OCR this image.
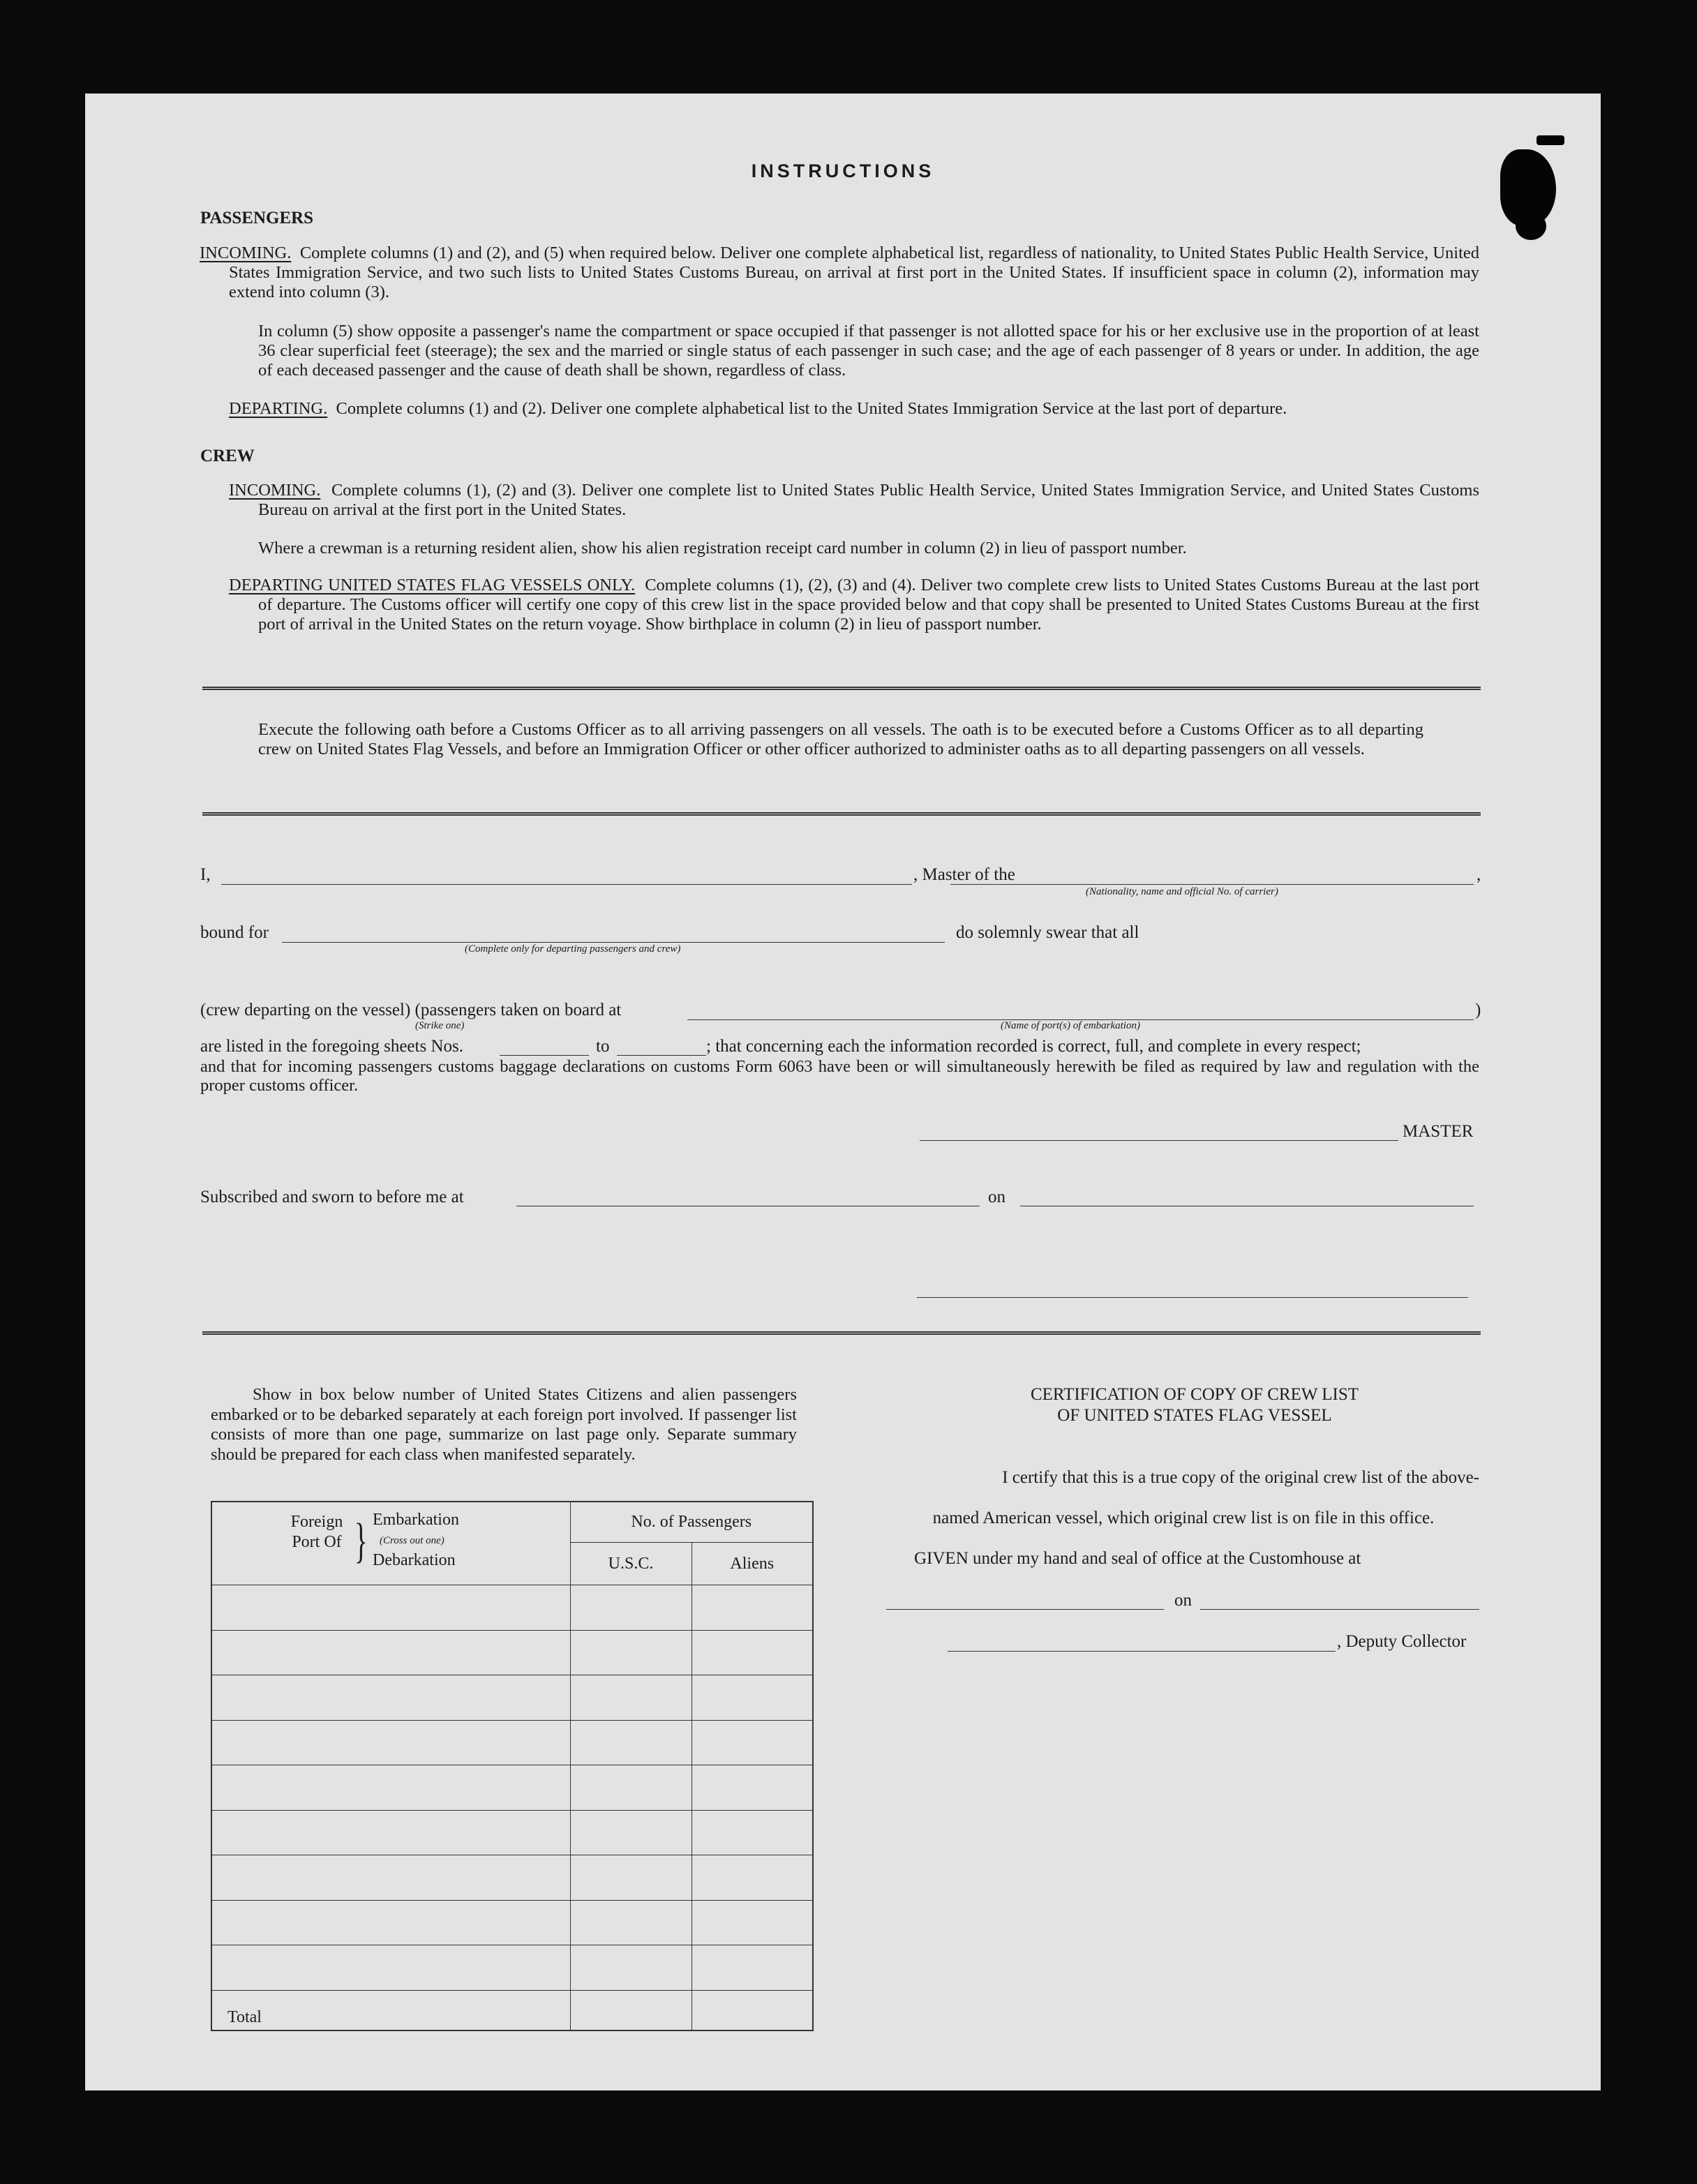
INSTRUCTIONS
PASSENGERS
INCOMING. Complete columns (1) and (2), and (5) when required below. Deliver one complete alphabetical list, regardless of nationality, to United States Public Health Service, United States Immigration Service, and two such lists to United States Customs Bureau, on arrival at first port in the United States. If insufficient space in column (2), information may extend into column (3).
In column (5) show opposite a passenger's name the compartment or space occupied if that passenger is not allotted space for his or her exclusive use in the proportion of at least 36 clear superficial feet (steerage); the sex and the married or single status of each passenger in such case; and the age of each passenger of 8 years or under. In addition, the age of each deceased passenger and the cause of death shall be shown, regardless of class.
DEPARTING. Complete columns (1) and (2). Deliver one complete alphabetical list to the United States Immigration Service at the last port of departure.
CREW
INCOMING. Complete columns (1), (2) and (3). Deliver one complete list to United States Public Health Service, United States Immigration Service, and United States Customs Bureau on arrival at the first port in the United States.
Where a crewman is a returning resident alien, show his alien registration receipt card number in column (2) in lieu of passport number.
DEPARTING UNITED STATES FLAG VESSELS ONLY. Complete columns (1), (2), (3) and (4). Deliver two complete crew lists to United States Customs Bureau at the last port of departure. The Customs officer will certify one copy of this crew list in the space provided below and that copy shall be presented to United States Customs Bureau at the first port of arrival in the United States on the return voyage. Show birthplace in column (2) in lieu of passport number.
Execute the following oath before a Customs Officer as to all arriving passengers on all vessels. The oath is to be executed before a Customs Officer as to all departing crew on United States Flag Vessels, and before an Immigration Officer or other officer authorized to administer oaths as to all departing passengers on all vessels.
I,	, Master of the	,
(Nationality, name and official No. of carrier)
bound for
(Complete only for departing passengers and crew)
do solemnly swear that all
(crew departing on the vessel) (passengers taken on board at	)
(Strike one)	(Name of port(s) of embarkation)
are listed in the foregoing sheets Nos.	to	; that concerning each the information recorded is correct, full, and complete in every respect;
and that for incoming passengers customs baggage declarations on customs Form 6063 have been or will simultaneously herewith be filed as required by law and regulation with the proper customs officer.
MASTER
Subscribed and sworn to before me at	on
Show in box below number of United States Citizens and alien passengers embarked or to be debarked separately at each foreign port involved. If passenger list consists of more than one page, summarize on last page only. Separate summary should be prepared for each class when manifested separately.
Foreign Port Of } Embarkation
(Cross out one)
Debarkation	No. of Passengers	
	U.S.C.	Aliens

Total		
CERTIFICATION OF COPY OF CREW LIST
OF UNITED STATES FLAG VESSEL
I certify that this is a true copy of the original crew list of the above-
named American vessel, which original crew list is on file in this office.
GIVEN under my hand and seal of office at the Customhouse at
on
, Deputy Collector
